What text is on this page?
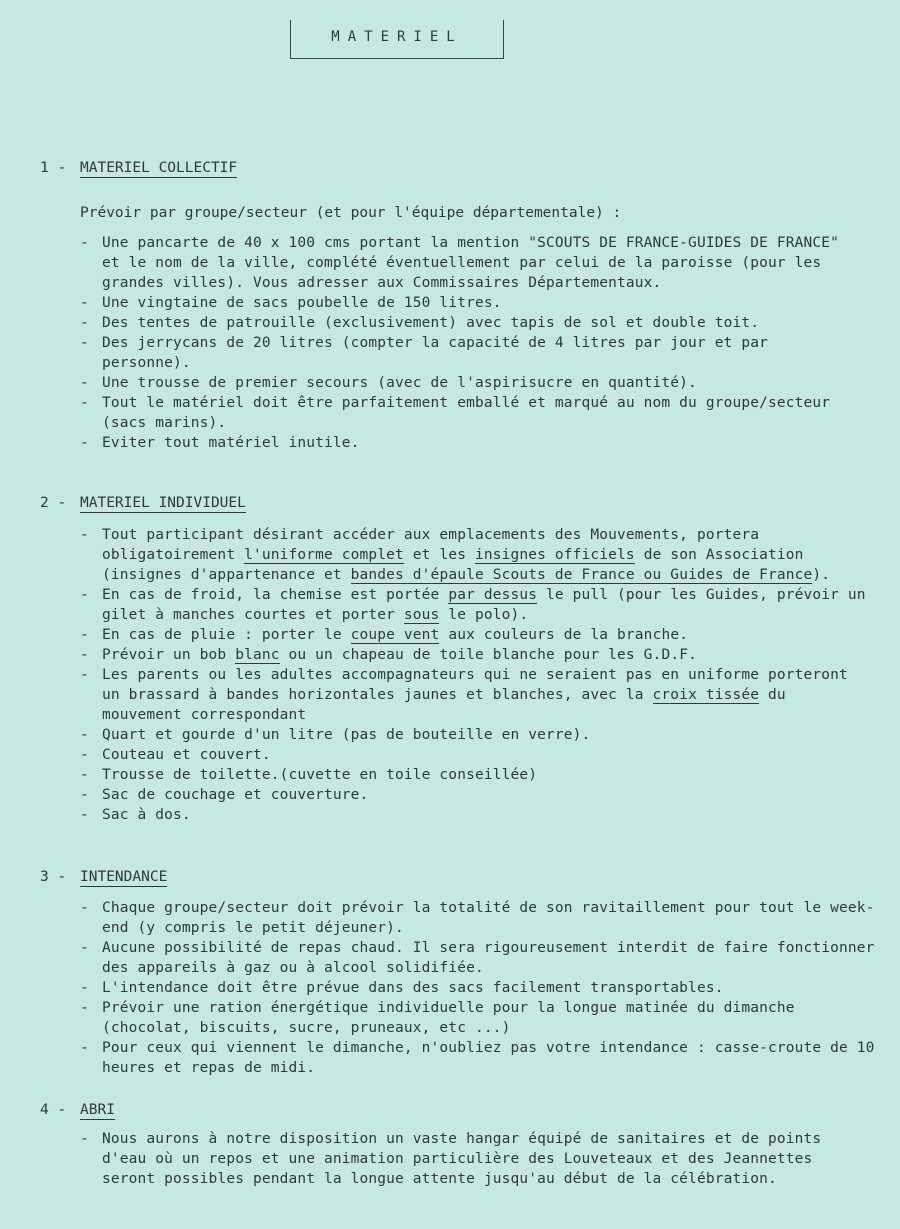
MATERIEL
1 - MATERIEL COLLECTIF
Prévoir par groupe/secteur (et pour l'équipe départementale) :
- Une pancarte de 40 x 100 cms portant la mention "SCOUTS DE FRANCE-GUIDES DE FRANCE" et le nom de la ville, complété éventuellement par celui de la paroisse (pour les grandes villes). Vous adresser aux Commissaires Départementaux.
- Une vingtaine de sacs poubelle de 150 litres.
- Des tentes de patrouille (exclusivement) avec tapis de sol et double toit.
- Des jerrycans de 20 litres (compter la capacité de 4 litres par jour et par personne).
- Une trousse de premier secours (avec de l'aspirisucre en quantité).
- Tout le matériel doit être parfaitement emballé et marqué au nom du groupe/secteur (sacs marins).
- Eviter tout matériel inutile.
2 - MATERIEL INDIVIDUEL
- Tout participant désirant accéder aux emplacements des Mouvements, portera obligatoirement l'uniforme complet et les insignes officiels de son Association (insignes d'appartenance et bandes d'épaule Scouts de France ou Guides de France).
- En cas de froid, la chemise est portée par dessus le pull (pour les Guides, prévoir un gilet à manches courtes et porter sous le polo).
- En cas de pluie : porter le coupe vent aux couleurs de la branche.
- Prévoir un bob blanc ou un chapeau de toile blanche pour les G.D.F.
- Les parents ou les adultes accompagnateurs qui ne seraient pas en uniforme porteront un brassard à bandes horizontales jaunes et blanches, avec la croix tissée du mouvement correspondant
- Quart et gourde d'un litre (pas de bouteille en verre).
- Couteau et couvert.
- Trousse de toilette.(cuvette en toile conseillée)
- Sac de couchage et couverture.
- Sac à dos.
3 - INTENDANCE
- Chaque groupe/secteur doit prévoir la totalité de son ravitaillement pour tout le week-end (y compris le petit déjeuner).
- Aucune possibilité de repas chaud. Il sera rigoureusement interdit de faire fonctionner des appareils à gaz ou à alcool solidifiée.
- L'intendance doit être prévue dans des sacs facilement transportables.
- Prévoir une ration énergétique individuelle pour la longue matinée du dimanche (chocolat, biscuits, sucre, pruneaux, etc ...)
- Pour ceux qui viennent le dimanche, n'oubliez pas votre intendance : casse-croute de 10 heures et repas de midi.
4 - ABRI
- Nous aurons à notre disposition un vaste hangar équipé de sanitaires et de points d'eau où un repos et une animation particulière des Louveteaux et des Jeannettes seront possibles pendant la longue attente jusqu'au début de la célébration.
